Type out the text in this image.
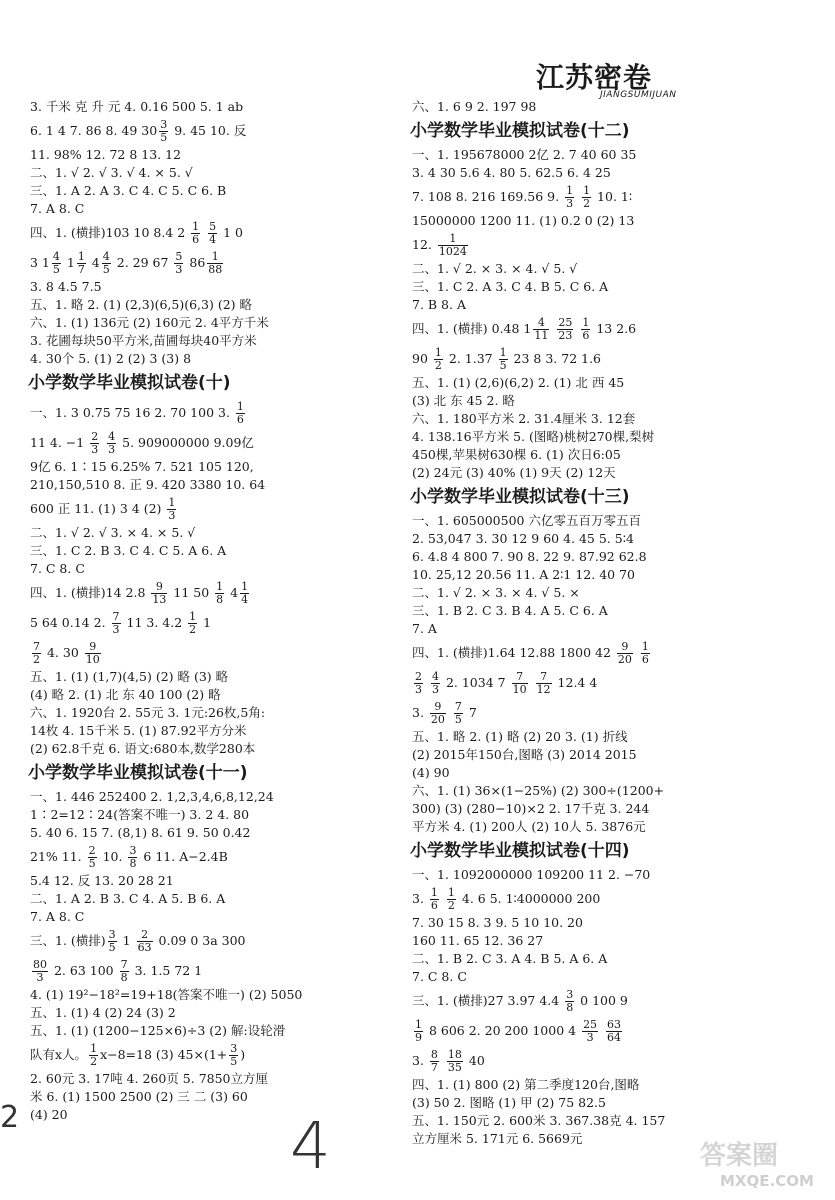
江苏密卷
JIANGSUMIJUAN
3. 千米 克 升 元 4. 0.16 500 5. 1 ab
6. 1 4 7. 86 8. 49 $30 \frac{3}{5} 9$. 45 10. 反
11. 98% 12. 72 8 13. 12
二、1. √ 2. √ 3. √ 4. × 5. √
三、1. A 2. A 3. C 4. C 5. C 6. B
7. A 8. C
四、1. (横排)103 10 8.4 $2 \frac{1}{6}$
$\frac{5}{4} 1$ 0
3 $1 \frac{4}{5} 1 \frac{1}{7} 4 \frac{4}{5} 2$. 29 $67 \frac{5}{3} 86 \frac{1}{88}$
3. 8 4.5 7.5
五、1. 略 2. (1) (2,3)(6,5)(6,3) (2) 略
六、1. (1) 136元 (2) 160元 2. 4平方千米
3. 花圃每块50平方米,苗圃每块40平方米
4. 30个 5. (1) 2 (2) 3 (3) 8
小学数学毕业模拟试卷(十)
一、1. 3 0.75 75 16 2. 70 100 3. $\frac{1}{6}$
11 4. $-1 \frac{2}{3}$
$\frac{4}{3} 5$. 909000000 9.09亿
9亿 6. 1∶15 6.25% 7. 521 105 120,
210,150,510 8. 正 9. 420 3380 10. 64
600 正 11. (1) 3 4 $(2) \frac{1}{3}$
二、1. √ 2. √ 3. × 4. × 5. √
三、1. C 2. B 3. C 4. C 5. A 6. A
7. C 8. C
四、1. (横排)14 $2.8 \frac{9}{13} 11$ $50 \frac{1}{8} 4 \frac{1}{4}$
5 64 0.14 2. $\frac{7}{3} 11$ 3. $4.2 \frac{1}{2} 1$
$\frac{7}{2} 4$. $30 \frac{9}{10}$
五、1. (1) (1,7)(4,5) (2) 略 (3) 略
(4) 略 2. (1) 北 东 40 100 (2) 略
六、1. 1920台 2. 55元 3. 1元:26枚,5角:
14枚 4. 15千米 5. (1) 87.92平方分米
(2) 62.8千克 6. 语文:680本,数学280本
小学数学毕业模拟试卷(十一)
一、1. 446 252400 2. 1,2,3,4,6,8,12,24
1∶2=12∶24(答案不唯一) 3. 2 4. 80
5. 40 6. 15 7. (8,1) 8. 61 9. 50 0.42
21% 11. $\frac{2}{5} 10$. $\frac{3}{8} 6$ 11. A−2.4B
5.4 12. 反 13. 20 28 21
二、1. A 2. B 3. C 4. A 5. B 6. A
7. A 8. C
三、1. (横排) $\frac{3}{5} 1 \frac{2}{63} 0.09$ 0 3a 300
$\frac{80}{3} 2$. 63 $100 \frac{7}{8} 3$. 1.5 72 1
4. (1) 19²−18²=19+18(答案不唯一) (2) 5050
五、1. (1) 4 (2) 24 (3) 2
五、1. (1) (1200−125×6)÷3 (2) 解:设轮滑
队有x人。 $\frac{1}{2} x-8=18$ (3) $45\times(1+ \frac{3}{5}$ )
2. 60元 3. 17吨 4. 260页 5. 7850立方厘
米 6. (1) 1500 2500 (2) 三 二 (3) 60
(4) 20
六、1. 6 9 2. 197 98
小学数学毕业模拟试卷(十二)
一、1. 195678000 2亿 2. 7 40 60 35
3. 4 30 5.6 4. 80 5. 62.5 6. 4 25
7. 108 8. 216 169.56 9. $\frac{1}{3}$
$\frac{1}{2} 10$. 1∶
15000000 1200 11. (1) 0.2 0 (2) 13
12. $\frac{1}{1024}$
二、1. √ 2. × 3. × 4. √ 5. √
三、1. C 2. A 3. C 4. B 5. C 6. A
7. B 8. A
四、1. (横排) 0.48 $1 \frac{4}{11}$
$\frac{25}{23}$
$\frac{1}{6} 13$ 2.6
$90 \frac{1}{2} 2$. $1.37 \frac{1}{5} 23$ 8 3. 72 1.6
五、1. (1) (2,6)(6,2) 2. (1) 北 西 45
(3) 北 东 45 2. 略
六、1. 180平方米 2. 31.4厘米 3. 12套
4. 138.16平方米 5. (图略)桃树270棵,梨树
450棵,苹果树630棵 6. (1) 次日6:05
(2) 24元 (3) 40% (1) 9天 (2) 12天
小学数学毕业模拟试卷(十三)
一、1. 605000500 六亿零五百万零五百
2. 53,047 3. 30 12 9 60 4. 45 5. 5∶4
6. 4.8 4 800 7. 90 8. 22 9. 87.92 62.8
10. 25,12 20.56 11. A 2∶1 12. 40 70
二、1. √ 2. × 3. × 4. √ 5. ×
三、1. B 2. C 3. B 4. A 5. C 6. A
7. A
四、1. (横排)1.64 12.88 1800 $42 \frac{9}{20}$
$\frac{1}{6}$
$\frac{2}{3}$
$\frac{4}{3} 2$. 1034 $7 \frac{7}{10}$
$\frac{7}{12} 12.4$ 4
3. $\frac{9}{20}$
$\frac{7}{5} 7$
五、1. 略 2. (1) 略 (2) 20 3. (1) 折线
(2) 2015年150台,图略 (3) 2014 2015
(4) 90
六、1. (1) 36×(1−25%) (2) 300÷(1200+
300) (3) (280−10)×2 2. 17千克 3. 244
平方米 4. (1) 200人 (2) 10人 5. 3876元
小学数学毕业模拟试卷(十四)
一、1. 1092000000 109200 11 2. −70
3. $\frac{1}{6}$
$\frac{1}{2} 4$. 6 5. 1∶4000000 200
7. 30 15 8. 3 9. 5 10 10. 20
160 11. 65 12. 36 27
二、1. B 2. C 3. A 4. B 5. A 6. A
7. C 8. C
三、1. (横排)27 3.97 $4.4 \frac{3}{8} 0$ 100 9
$\frac{1}{9} 8$ 606 2. 20 200 1000 $4 \frac{25}{3}$
$\frac{63}{64}$
3. $\frac{8}{7}$
$\frac{18}{35} 40$
四、1. (1) 800 (2) 第二季度120台,图略
(3) 50 2. 图略 (1) 甲 (2) 75 82.5
五、1. 150元 2. 600米 3. 367.38克 4. 157
立方厘米 5. 171元 6. 5669元
2	4	答案圈
MXQE.COM
